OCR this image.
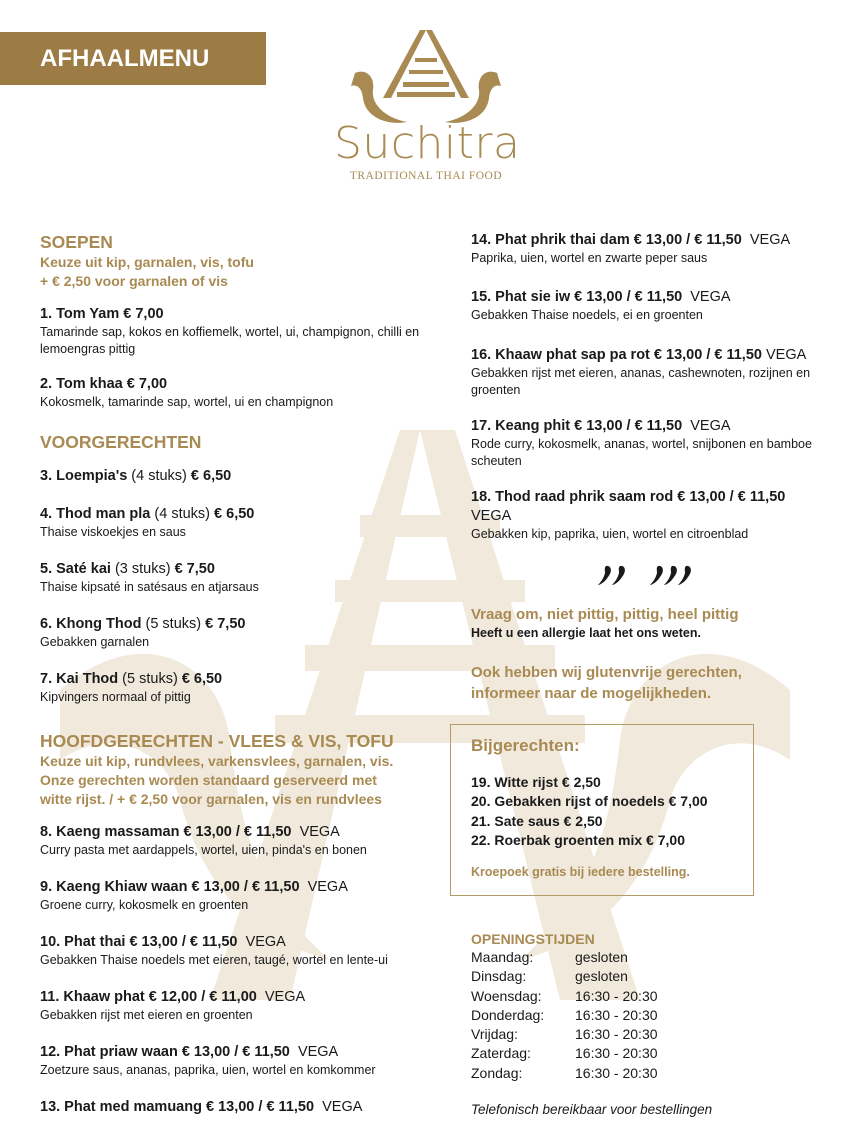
AFHAALMENU
Suchitra
TRADITIONAL THAI FOOD
SOEPEN
Keuze uit kip, garnalen, vis, tofu
+ € 2,50 voor garnalen of vis
1. Tom Yam € 7,00
Tamarinde sap, kokos en koffiemelk, wortel, ui, champignon, chilli en lemoengras pittig
2. Tom khaa € 7,00
Kokosmelk, tamarinde sap, wortel, ui en champignon
VOORGERECHTEN
3. Loempia's (4 stuks) € 6,50
4. Thod man pla (4 stuks) € 6,50
Thaise viskoekjes en saus
5. Saté kai (3 stuks) € 7,50
Thaise kipsaté in satésaus en atjarsaus
6. Khong Thod (5 stuks) € 7,50
Gebakken garnalen
7. Kai Thod (5 stuks) € 6,50
Kipvingers normaal of pittig
HOOFDGERECHTEN - VLEES & VIS, TOFU
Keuze uit kip, rundvlees, varkensvlees, garnalen, vis.
Onze gerechten worden standaard geserveerd met
witte rijst. / + € 2,50 voor garnalen, vis en rundvlees
8. Kaeng massaman € 13,00 / € 11,50 VEGA
Curry pasta met aardappels, wortel, uien, pinda's en bonen
9. Kaeng Khiaw waan € 13,00 / € 11,50 VEGA
Groene curry, kokosmelk en groenten
10. Phat thai € 13,00 / € 11,50 VEGA
Gebakken Thaise noedels met eieren, taugé, wortel en lente-ui
11. Khaaw phat € 12,00 / € 11,00 VEGA
Gebakken rijst met eieren en groenten
12. Phat priaw waan € 13,00 / € 11,50 VEGA
Zoetzure saus, ananas, paprika, uien, wortel en komkommer
13. Phat med mamuang € 13,00 / € 11,50 VEGA
14. Phat phrik thai dam € 13,00 / € 11,50 VEGA
Paprika, uien, wortel en zwarte peper saus
15. Phat sie iw € 13,00 / € 11,50 VEGA
Gebakken Thaise noedels, ei en groenten
16. Khaaw phat sap pa rot € 13,00 / € 11,50 VEGA
Gebakken rijst met eieren, ananas, cashewnoten, rozijnen en groenten
17. Keang phit € 13,00 / € 11,50 VEGA
Rode curry, kokosmelk, ananas, wortel, snijbonen en bamboe scheuten
18. Thod raad phrik saam rod € 13,00 / € 11,50
VEGA
Gebakken kip, paprika, uien, wortel en citroenblad
Vraag om, niet pittig, pittig, heel pittig
Heeft u een allergie laat het ons weten.
Ook hebben wij glutenvrije gerechten,
informeer naar de mogelijkheden.
Bijgerechten:
19. Witte rijst € 2,50
20. Gebakken rijst of noedels € 7,00
21. Sate saus € 2,50
22. Roerbak groenten mix € 7,00
Kroepoek gratis bij iedere bestelling.
OPENINGSTIJDEN
Maandag:	gesloten
Dinsdag:	gesloten
Woensdag:	16:30 - 20:30
Donderdag:	16:30 - 20:30
Vrijdag:	16:30 - 20:30
Zaterdag:	16:30 - 20:30
Zondag:	16:30 - 20:30
Telefonisch bereikbaar voor bestellingen
